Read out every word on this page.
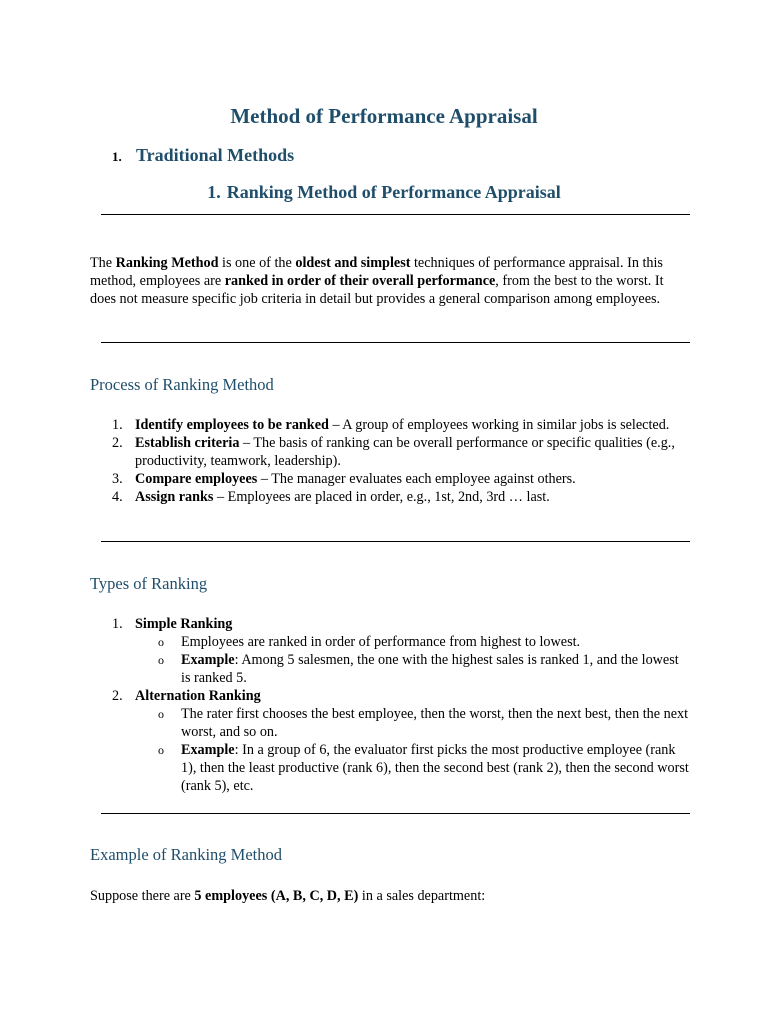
Method of Performance Appraisal
1. Traditional Methods
1. Ranking Method of Performance Appraisal

The Ranking Method is one of the oldest and simplest techniques of performance appraisal. In this method, employees are ranked in order of their overall performance, from the best to the worst. It does not measure specific job criteria in detail but provides a general comparison among employees.

Process of Ranking Method
1. Identify employees to be ranked – A group of employees working in similar jobs is selected.
2. Establish criteria – The basis of ranking can be overall performance or specific qualities (e.g., productivity, teamwork, leadership).
3. Compare employees – The manager evaluates each employee against others.
4. Assign ranks – Employees are placed in order, e.g., 1st, 2nd, 3rd … last.
Types of Ranking
1. Simple Ranking
o Employees are ranked in order of performance from highest to lowest.
o Example: Among 5 salesmen, the one with the highest sales is ranked 1, and the lowest is ranked 5.
2. Alternation Ranking
o The rater first chooses the best employee, then the worst, then the next best, then the next worst, and so on.
o Example: In a group of 6, the evaluator first picks the most productive employee (rank 1), then the least productive (rank 6), then the second best (rank 2), then the second worst (rank 5), etc.
Example of Ranking Method

Suppose there are 5 employees (A, B, C, D, E) in a sales department:
